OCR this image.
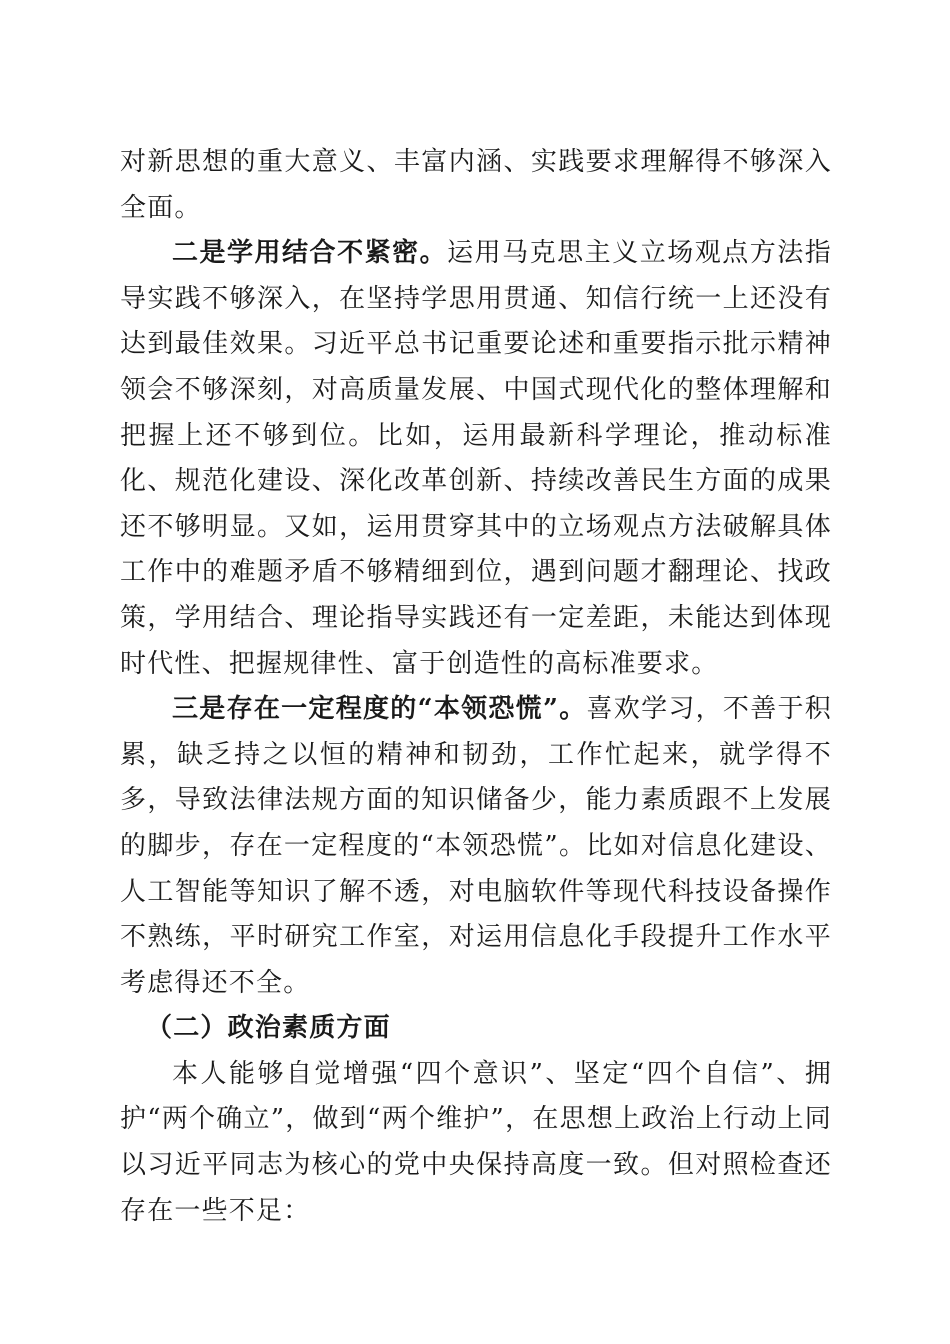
对新思想的重大意义、丰富内涵、实践要求理解得不够深入全面。

二是学用结合不紧密。运用马克思主义立场观点方法指导实践不够深入，在坚持学思用贯通、知信行统一上还没有达到最佳效果。习近平总书记重要论述和重要指示批示精神领会不够深刻，对高质量发展、中国式现代化的整体理解和把握上还不够到位。比如，运用最新科学理论，推动标准化、规范化建设、深化改革创新、持续改善民生方面的成果还不够明显。又如，运用贯穿其中的立场观点方法破解具体工作中的难题矛盾不够精细到位，遇到问题才翻理论、找政策，学用结合、理论指导实践还有一定差距，未能达到体现时代性、把握规律性、富于创造性的高标准要求。

三是存在一定程度的“本领恐慌”。喜欢学习，不善于积累，缺乏持之以恒的精神和韧劲，工作忙起来，就学得不多，导致法律法规方面的知识储备少，能力素质跟不上发展的脚步，存在一定程度的“本领恐慌”。比如对信息化建设、人工智能等知识了解不透，对电脑软件等现代科技设备操作不熟练，平时研究工作室，对运用信息化手段提升工作水平考虑得还不全。

（二）政治素质方面

本人能够自觉增强“四个意识”、坚定“四个自信”、拥护“两个确立”，做到“两个维护”，在思想上政治上行动上同以习近平同志为核心的党中央保持高度一致。但对照检查还存在一些不足：
